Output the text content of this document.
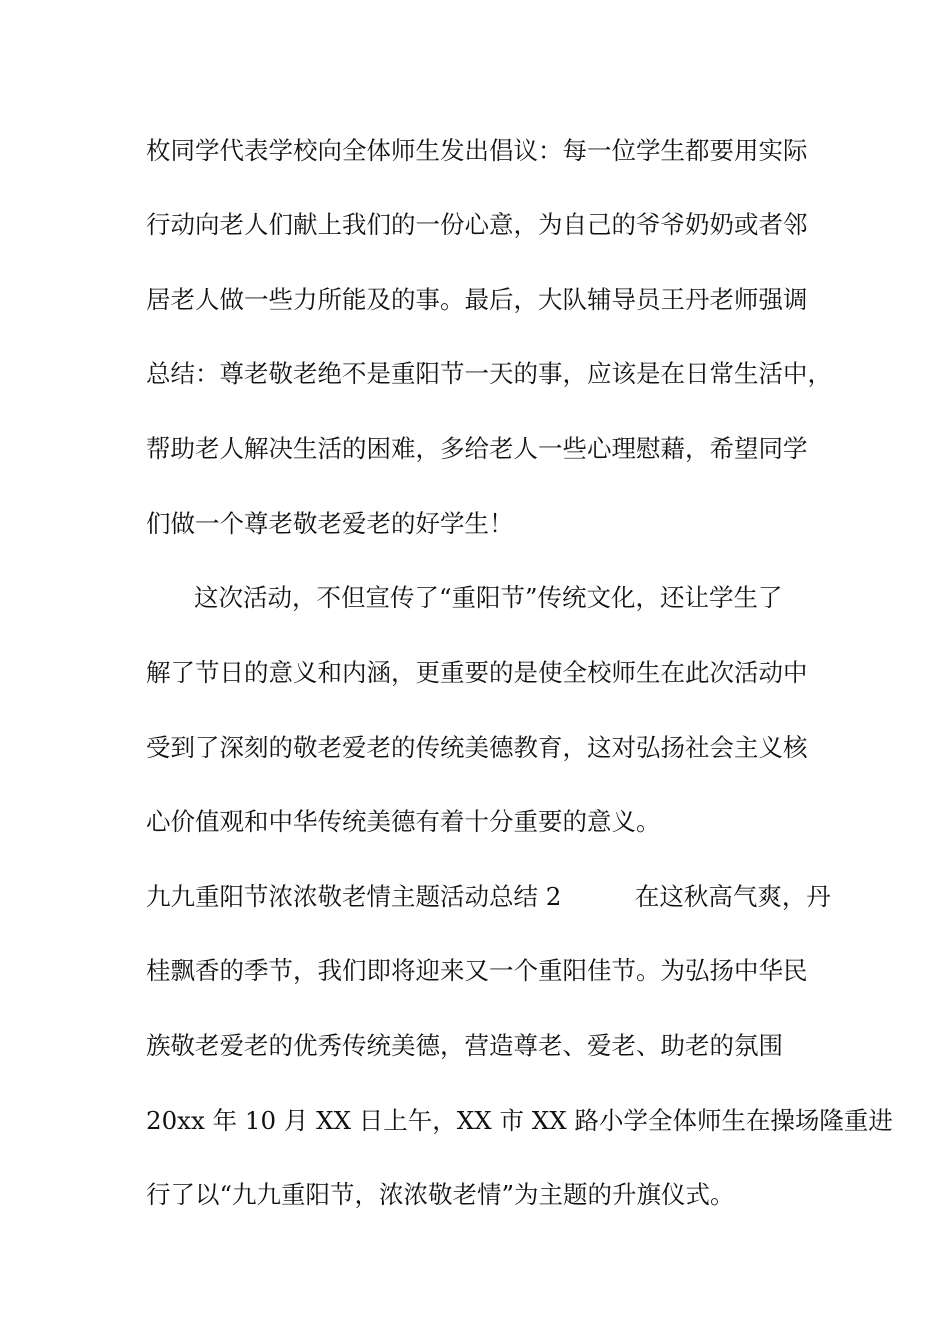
枚同学代表学校向全体师生发出倡议：每一位学生都要用实际
行动向老人们献上我们的一份心意，为自己的爷爷奶奶或者邻
居老人做一些力所能及的事。最后，大队辅导员王丹老师强调
总结：尊老敬老绝不是重阳节一天的事，应该是在日常生活中，
帮助老人解决生活的困难，多给老人一些心理慰藉，希望同学
们做一个尊老敬老爱老的好学生！
这次活动，不但宣传了“重阳节”传统文化，还让学生了
解了节日的意义和内涵，更重要的是使全校师生在此次活动中
受到了深刻的敬老爱老的传统美德教育，这对弘扬社会主义核
心价值观和中华传统美德有着十分重要的意义。
九九重阳节浓浓敬老情主题活动总结 2　　　在这秋高气爽，丹
桂飘香的季节，我们即将迎来又一个重阳佳节。为弘扬中华民
族敬老爱老的优秀传统美德，营造尊老、爱老、助老的氛围
20xx 年 10 月 XX 日上午，XX 市 XX 路小学全体师生在操场隆重进
行了以“九九重阳节，浓浓敬老情”为主题的升旗仪式。
